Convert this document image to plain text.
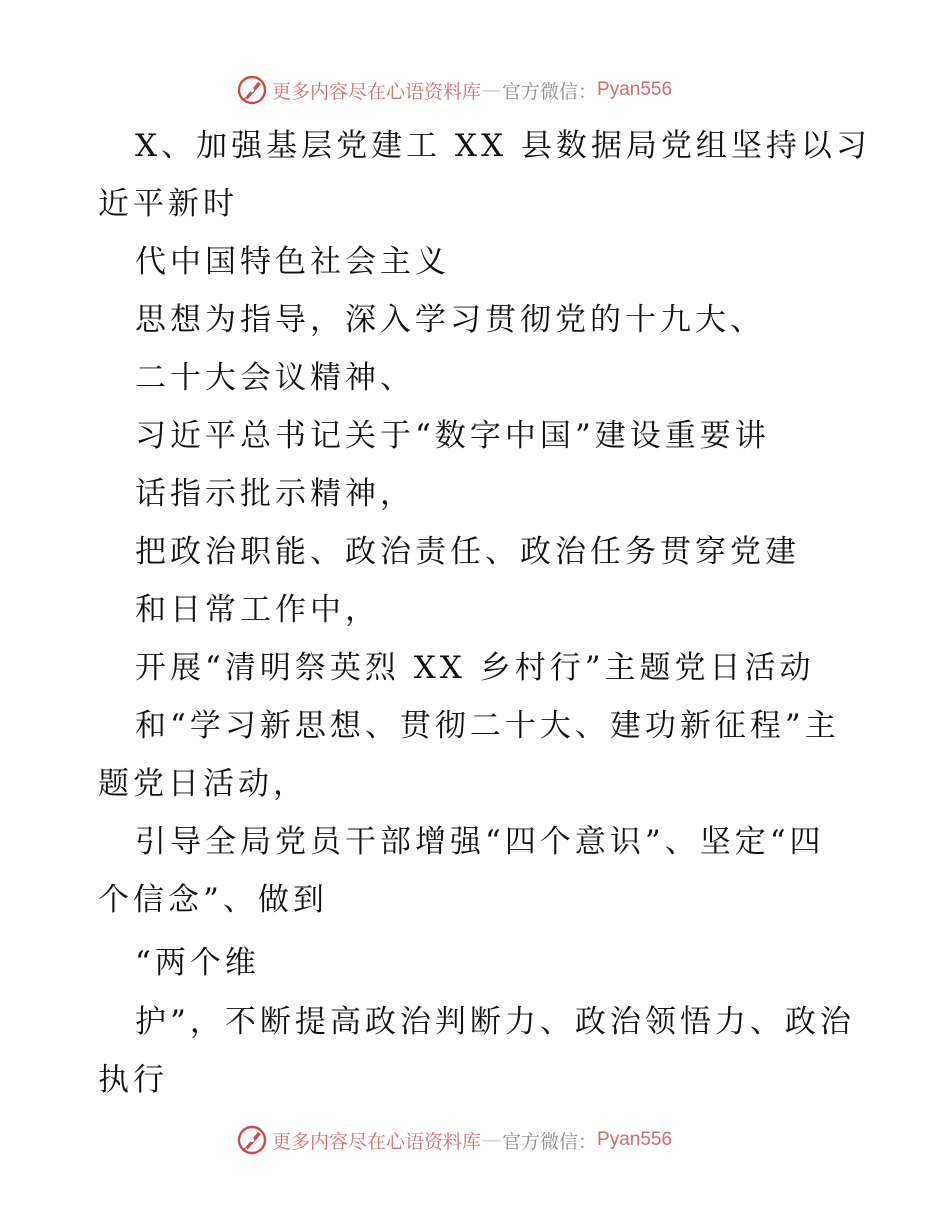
更多内容尽在心语资料库 — 官方微信： Pyan556
X、加强基层党建工 XX 县数据局党组坚持以习
近平新时
代中国特色社会主义
思想为指导，深入学习贯彻党的十九大、
二十大会议精神、
习近平总书记关于“数字中国”建设重要讲
话指示批示精神，
把政治职能、政治责任、政治任务贯穿党建
和日常工作中，
开展“清明祭英烈 XX 乡村行”主题党日活动
和“学习新思想、贯彻二十大、建功新征程”主
题党日活动，
引导全局党员干部增强“四个意识”、坚定“四
个信念”、做到
“两个维
护”，不断提高政治判断力、政治领悟力、政治
执行
更多内容尽在心语资料库 — 官方微信： Pyan556
